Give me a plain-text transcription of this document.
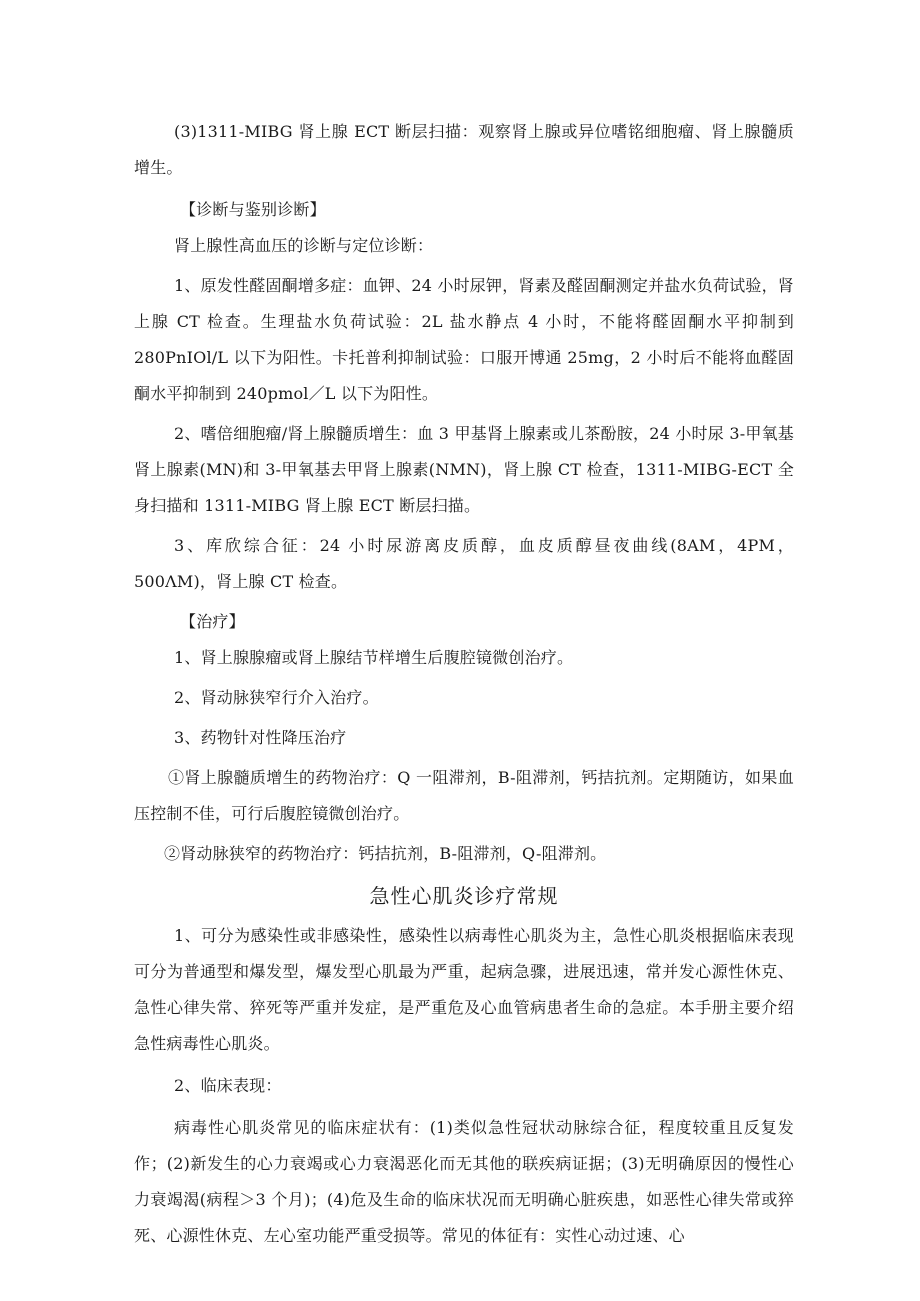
(3)1311-MIBG 肾上腺 ECT 断层扫描：观察肾上腺或异位嗜铭细胞瘤、肾上腺髓质增生。

【诊断与鉴别诊断】

肾上腺性高血压的诊断与定位诊断：

1、原发性醛固酮增多症：血钾、24 小时尿钾，肾素及醛固酮测定并盐水负荷试验，肾上腺 CT 检查。生理盐水负荷试验：2L 盐水静点 4 小时，不能将醛固酮水平抑制到 280PnIOl/L 以下为阳性。卡托普利抑制试验：口服开博通 25mg，2 小时后不能将血醛固酮水平抑制到 240pmol／L 以下为阳性。

2、嗜倍细胞瘤/肾上腺髓质增生：血 3 甲基肾上腺素或儿茶酚胺，24 小时尿 3-甲氧基肾上腺素(MN)和 3-甲氧基去甲肾上腺素(NMN)，肾上腺 CT 检查，1311-MIBG-ECT 全身扫描和 1311-MIBG 肾上腺 ECT 断层扫描。

3、库欣综合征：24 小时尿游离皮质醇，血皮质醇昼夜曲线(8AM，4PM，500ΛM)，肾上腺 CT 检查。

【治疗】

1、肾上腺腺瘤或肾上腺结节样增生后腹腔镜微创治疗。

2、肾动脉狭窄行介入治疗。

3、药物针对性降压治疗

①肾上腺髓质增生的药物治疗：Q 一阻滞剂，B-阻滞剂，钙拮抗剂。定期随访，如果血压控制不佳，可行后腹腔镜微创治疗。

②肾动脉狭窄的药物治疗：钙拮抗剂，B-阻滞剂，Q-阻滞剂。

急性心肌炎诊疗常规

1、可分为感染性或非感染性，感染性以病毒性心肌炎为主，急性心肌炎根据临床表现可分为普通型和爆发型，爆发型心肌最为严重，起病急骤，进展迅速，常并发心源性休克、急性心律失常、猝死等严重并发症，是严重危及心血管病患者生命的急症。本手册主要介绍急性病毒性心肌炎。

2、临床表现：

病毒性心肌炎常见的临床症状有：(1)类似急性冠状动脉综合征，程度较重且反复发作；(2)新发生的心力衰竭或心力衰渴恶化而无其他的联疾病证据；(3)无明确原因的慢性心力衰竭渴(病程＞3 个月)；(4)危及生命的临床状况而无明确心脏疾患，如恶性心律失常或猝死、心源性休克、左心室功能严重受损等。常见的体征有：实性心动过速、心
